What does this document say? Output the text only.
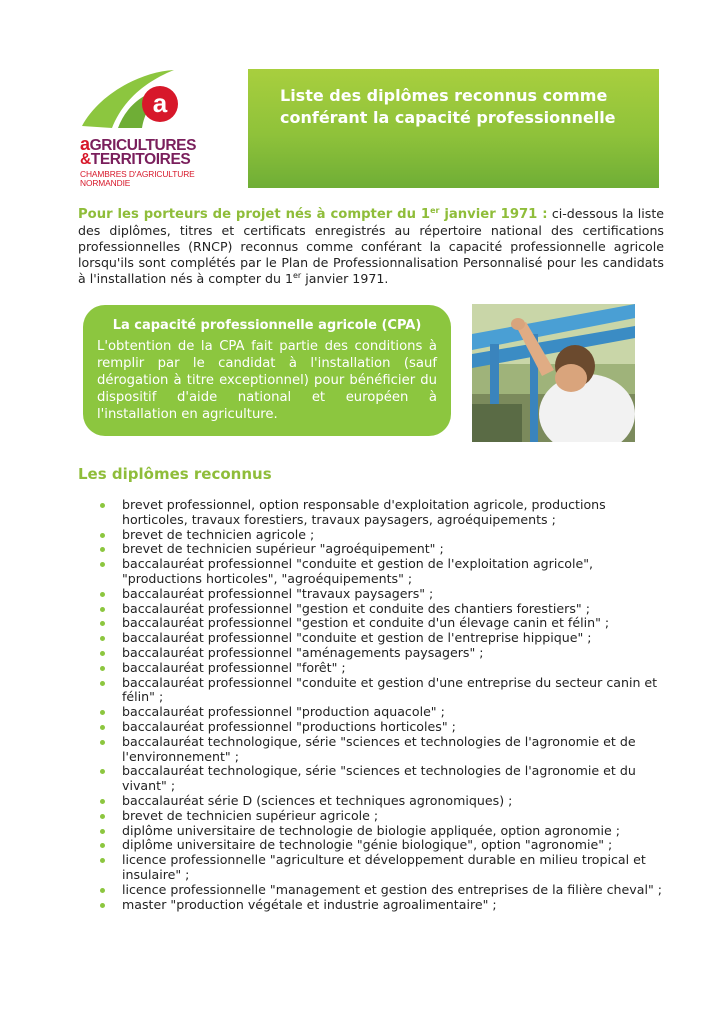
a
aGRICULTURES
&TERRITOIRES
CHAMBRES D'AGRICULTURE
NORMANDIE
Liste des diplômes reconnus comme conférant la capacité professionnelle
Pour les porteurs de projet nés à compter du 1er janvier 1971 : ci-dessous la liste des diplômes, titres et certificats enregistrés au répertoire national des certifications professionnelles (RNCP) reconnus comme conférant la capacité professionnelle agricole lorsqu'ils sont complétés par le Plan de Professionnalisation Personnalisé pour les candidats à l'installation nés à compter du 1er janvier 1971.
La capacité professionnelle agricole (CPA)
L'obtention de la CPA fait partie des conditions à remplir par le candidat à l'installation (sauf dérogation à titre exceptionnel) pour bénéficier du dispositif d'aide national et européen à l'installation en agriculture.
Les diplômes reconnus
brevet professionnel, option responsable d'exploitation agricole, productions horticoles, travaux forestiers, travaux paysagers, agroéquipements ;
brevet de technicien agricole ;
brevet de technicien supérieur "agroéquipement" ;
baccalauréat professionnel "conduite et gestion de l'exploitation agricole", "productions horticoles", "agroéquipements" ;
baccalauréat professionnel "travaux paysagers" ;
baccalauréat professionnel "gestion et conduite des chantiers forestiers" ;
baccalauréat professionnel "gestion et conduite d'un élevage canin et félin" ;
baccalauréat professionnel "conduite et gestion de l'entreprise hippique" ;
baccalauréat professionnel "aménagements paysagers" ;
baccalauréat professionnel "forêt" ;
baccalauréat professionnel "conduite et gestion d'une entreprise du secteur canin et félin" ;
baccalauréat professionnel "production aquacole" ;
baccalauréat professionnel "productions horticoles" ;
baccalauréat technologique, série "sciences et technologies de l'agronomie et de l'environnement" ;
baccalauréat technologique, série "sciences et technologies de l'agronomie et du vivant" ;
baccalauréat série D (sciences et techniques agronomiques) ;
brevet de technicien supérieur agricole ;
diplôme universitaire de technologie de biologie appliquée, option agronomie ;
diplôme universitaire de technologie "génie biologique", option "agronomie" ;
licence professionnelle "agriculture et développement durable en milieu tropical et insulaire" ;
licence professionnelle "management et gestion des entreprises de la filière cheval" ;
master "production végétale et industrie agroalimentaire" ;
